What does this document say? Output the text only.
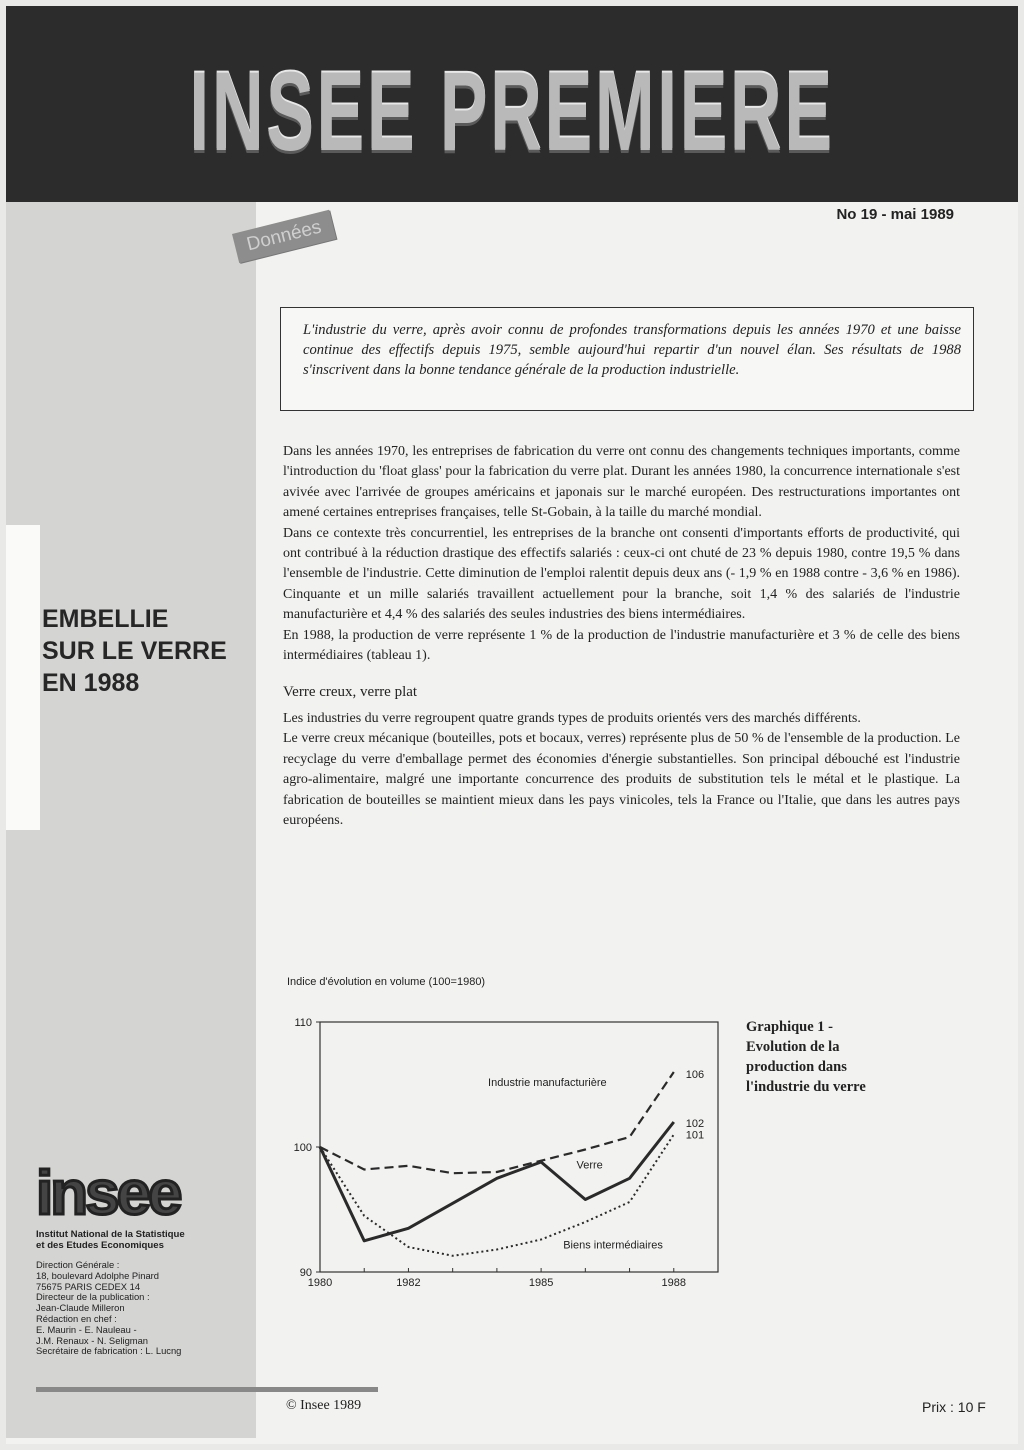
INSEE PREMIERE
No 19 - mai 1989
Données
L'industrie du verre, après avoir connu de profondes transformations depuis les années 1970 et une baisse continue des effectifs depuis 1975, semble aujourd'hui repartir d'un nouvel élan. Ses résultats de 1988 s'inscrivent dans la bonne tendance générale de la production industrielle.
EMBELLIE
SUR LE VERRE
EN 1988

Dans les années 1970, les entreprises de fabrication du verre ont connu des changements techniques importants, comme l'introduction du 'float glass' pour la fabrication du verre plat. Durant les années 1980, la concurrence internationale s'est avivée avec l'arrivée de groupes américains et japonais sur le marché européen. Des restructurations importantes ont amené certaines entreprises françaises, telle St-Gobain, à la taille du marché mondial.

Dans ce contexte très concurrentiel, les entreprises de la branche ont consenti d'importants efforts de productivité, qui ont contribué à la réduction drastique des effectifs salariés : ceux-ci ont chuté de 23 % depuis 1980, contre 19,5 % dans l'ensemble de l'industrie. Cette diminution de l'emploi ralentit depuis deux ans (- 1,9 % en 1988 contre - 3,6 % en 1986). Cinquante et un mille salariés travaillent actuellement pour la branche, soit 1,4 % des salariés de l'industrie manufacturière et 4,4 % des salariés des seules industries des biens intermédiaires.

En 1988, la production de verre représente 1 % de la production de l'industrie manufacturière et 3 % de celle des biens intermédiaires (tableau 1).

Verre creux, verre plat

Les industries du verre regroupent quatre grands types de produits orientés vers des marchés différents.

Le verre creux mécanique (bouteilles, pots et bocaux, verres) représente plus de 50 % de l'ensemble de la production. Le recyclage du verre d'emballage permet des économies d'énergie substantielles. Son principal débouché est l'industrie agro-alimentaire, malgré une importante concurrence des produits de substitution tels le métal et le plastique. La fabrication de bouteilles se maintient mieux dans les pays vinicoles, tels la France ou l'Italie, que dans les autres pays européens.

Indice d'évolution en volume (100=1980)
90
100
110
1980	1982	1985	1988
106
Industrie manufacturière
102
Verre
101
Biens intermédiaires
Graphique 1 - Evolution de la production dans l'industrie du verre
insee
Institut National de la Statistique
et des Etudes Economiques
Direction Générale :
18, boulevard Adolphe Pinard
75675 PARIS CEDEX 14
Directeur de la publication :
Jean-Claude Milleron
Rédaction en chef :
E. Maurin - E. Nauleau -
J.M. Renaux - N. Seligman
Secrétaire de fabrication : L. Lucng
© Insee 1989	Prix : 10 F
